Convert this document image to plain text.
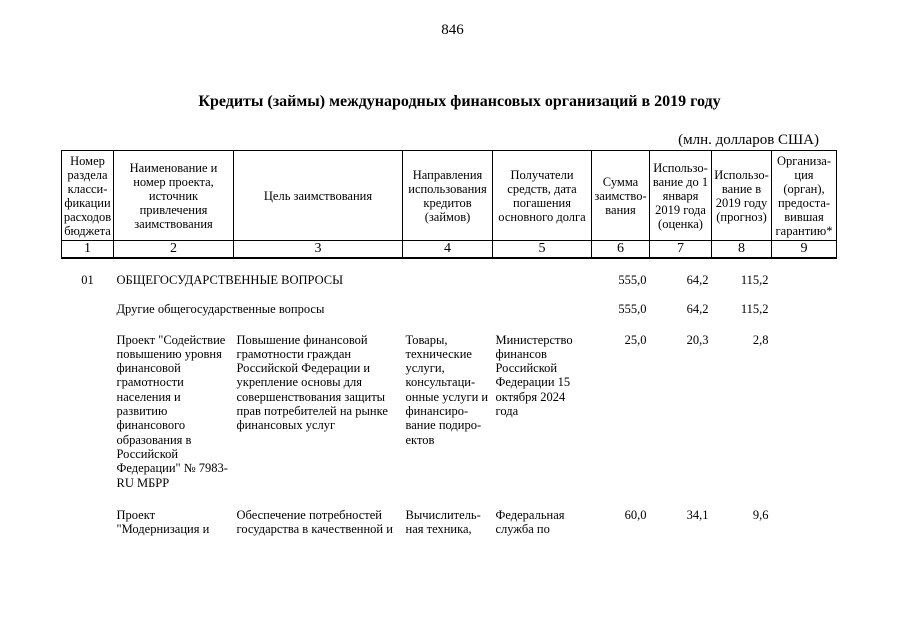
846
Кредиты (займы) международных финансовых организаций в 2019 году
(млн. долларов США)
Номер раздела класси-фикации расходов бюджета	Наименование и номер проекта, источник привлечения заимствования	Цель заимствования	Направления использования кредитов (займов)	Получатели средств, дата погашения основного долга	Сумма заимство-вания	Использо-вание до 1 января 2019 года (оценка)	Использо-вание в 2019 году (прогноз)	Организа-ция (орган), предоста-вившая гарантию*
1	2	3	4	5	6	7	8	9
01	ОБЩЕГОСУДАРСТВЕННЫЕ ВОПРОСЫ				555,0	64,2	115,2	
	Другие общегосударственные вопросы				555,0	64,2	115,2	
	Проект "Содействие повышению уровня финансовой грамотности населения и развитию финансового образования в Российской Федерации" № 7983-RU МБРР	Повышение финансовой грамотности граждан Российской Федерации и укрепление основы для совершенствования защиты прав потребителей на рынке финансовых услуг	Товары, технические услуги, консультаци-онные услуги и финансиро-вание подиро-ектов	Министерство финансов Российской Федерации 15 октября 2024 года	25,0	20,3	2,8	
	Проект "Модернизация и	Обеспечение потребностей государства в качественной и	Вычислитель-ная техника,	Федеральная служба по	60,0	34,1	9,6	
